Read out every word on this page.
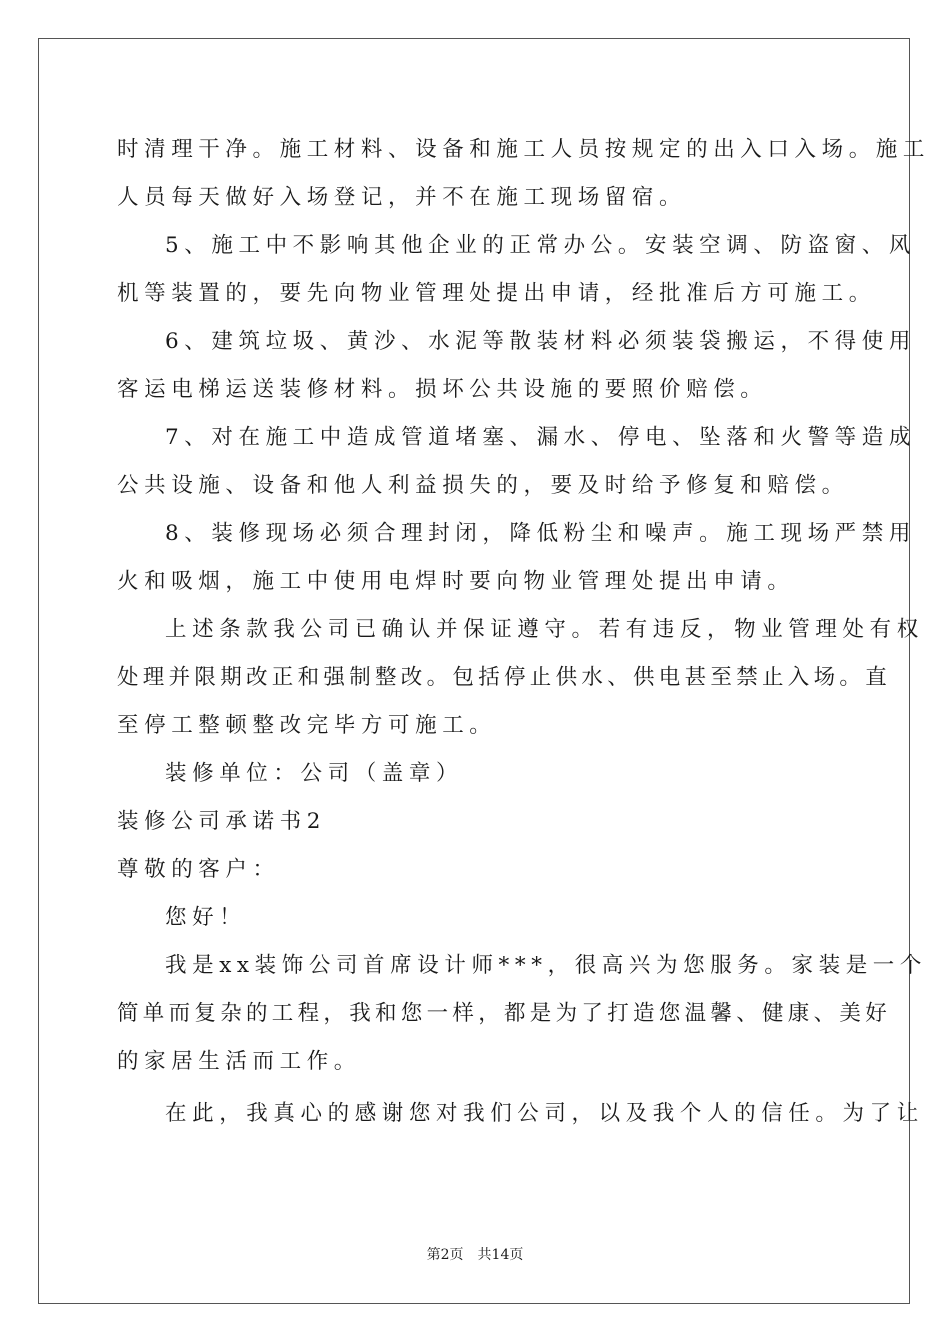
时清理干净。施工材料、设备和施工人员按规定的出入口入场。施工
人员每天做好入场登记，并不在施工现场留宿。
5、施工中不影响其他企业的正常办公。安装空调、防盗窗、风
机等装置的，要先向物业管理处提出申请，经批准后方可施工。
6、建筑垃圾、黄沙、水泥等散装材料必须装袋搬运，不得使用
客运电梯运送装修材料。损坏公共设施的要照价赔偿。
7、对在施工中造成管道堵塞、漏水、停电、坠落和火警等造成
公共设施、设备和他人利益损失的，要及时给予修复和赔偿。
8、装修现场必须合理封闭，降低粉尘和噪声。施工现场严禁用
火和吸烟，施工中使用电焊时要向物业管理处提出申请。
上述条款我公司已确认并保证遵守。若有违反，物业管理处有权
处理并限期改正和强制整改。包括停止供水、供电甚至禁止入场。直
至停工整顿整改完毕方可施工。
装修单位：公司（盖章）
装修公司承诺书2
尊敬的客户：
您好！
我是xx装饰公司首席设计师***，很高兴为您服务。家装是一个
简单而复杂的工程，我和您一样，都是为了打造您温馨、健康、美好
的家居生活而工作。
在此，我真心的感谢您对我们公司，以及我个人的信任。为了让
第2页 共14页
